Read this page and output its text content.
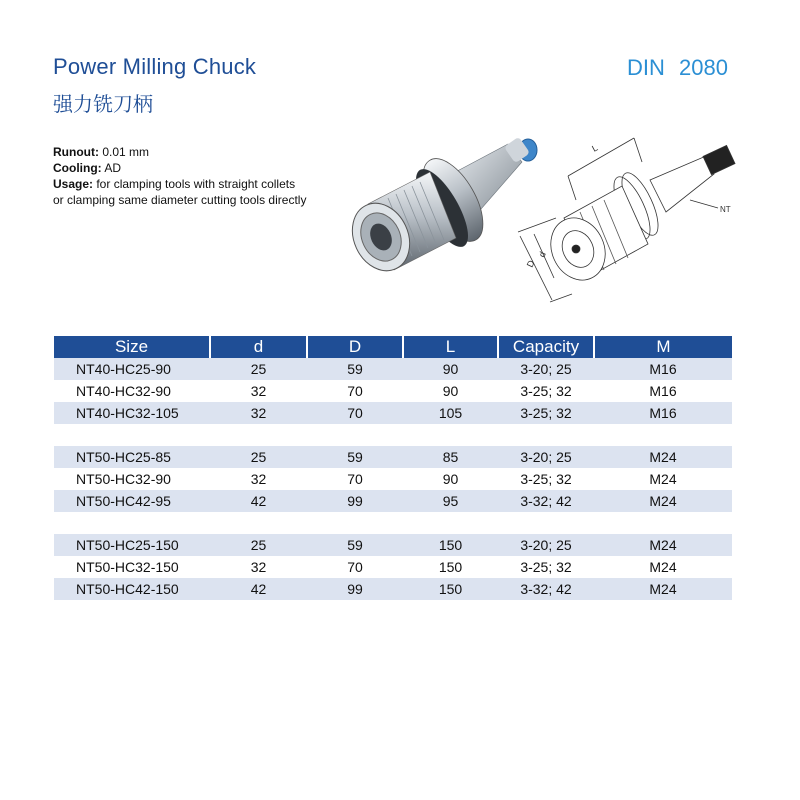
Power Milling Chuck
强力铣刀柄
DIN 2080

Runout: 0.01 mm

Cooling: AD

Usage: for clamping tools with straight collets or clamping same diameter cutting tools directly

L
D
d
NT
Size	d	D	L	Capacity	M
NT40-HC25-90	25	59	90	3-20; 25	M16
NT40-HC32-90	32	70	90	3-25; 32	M16
NT40-HC32-105	32	70	105	3-25; 32	M16

NT50-HC25-85	25	59	85	3-20; 25	M24
NT50-HC32-90	32	70	90	3-25; 32	M24
NT50-HC42-95	42	99	95	3-32; 42	M24

NT50-HC25-150	25	59	150	3-20; 25	M24
NT50-HC32-150	32	70	150	3-25; 32	M24
NT50-HC42-150	42	99	150	3-32; 42	M24
